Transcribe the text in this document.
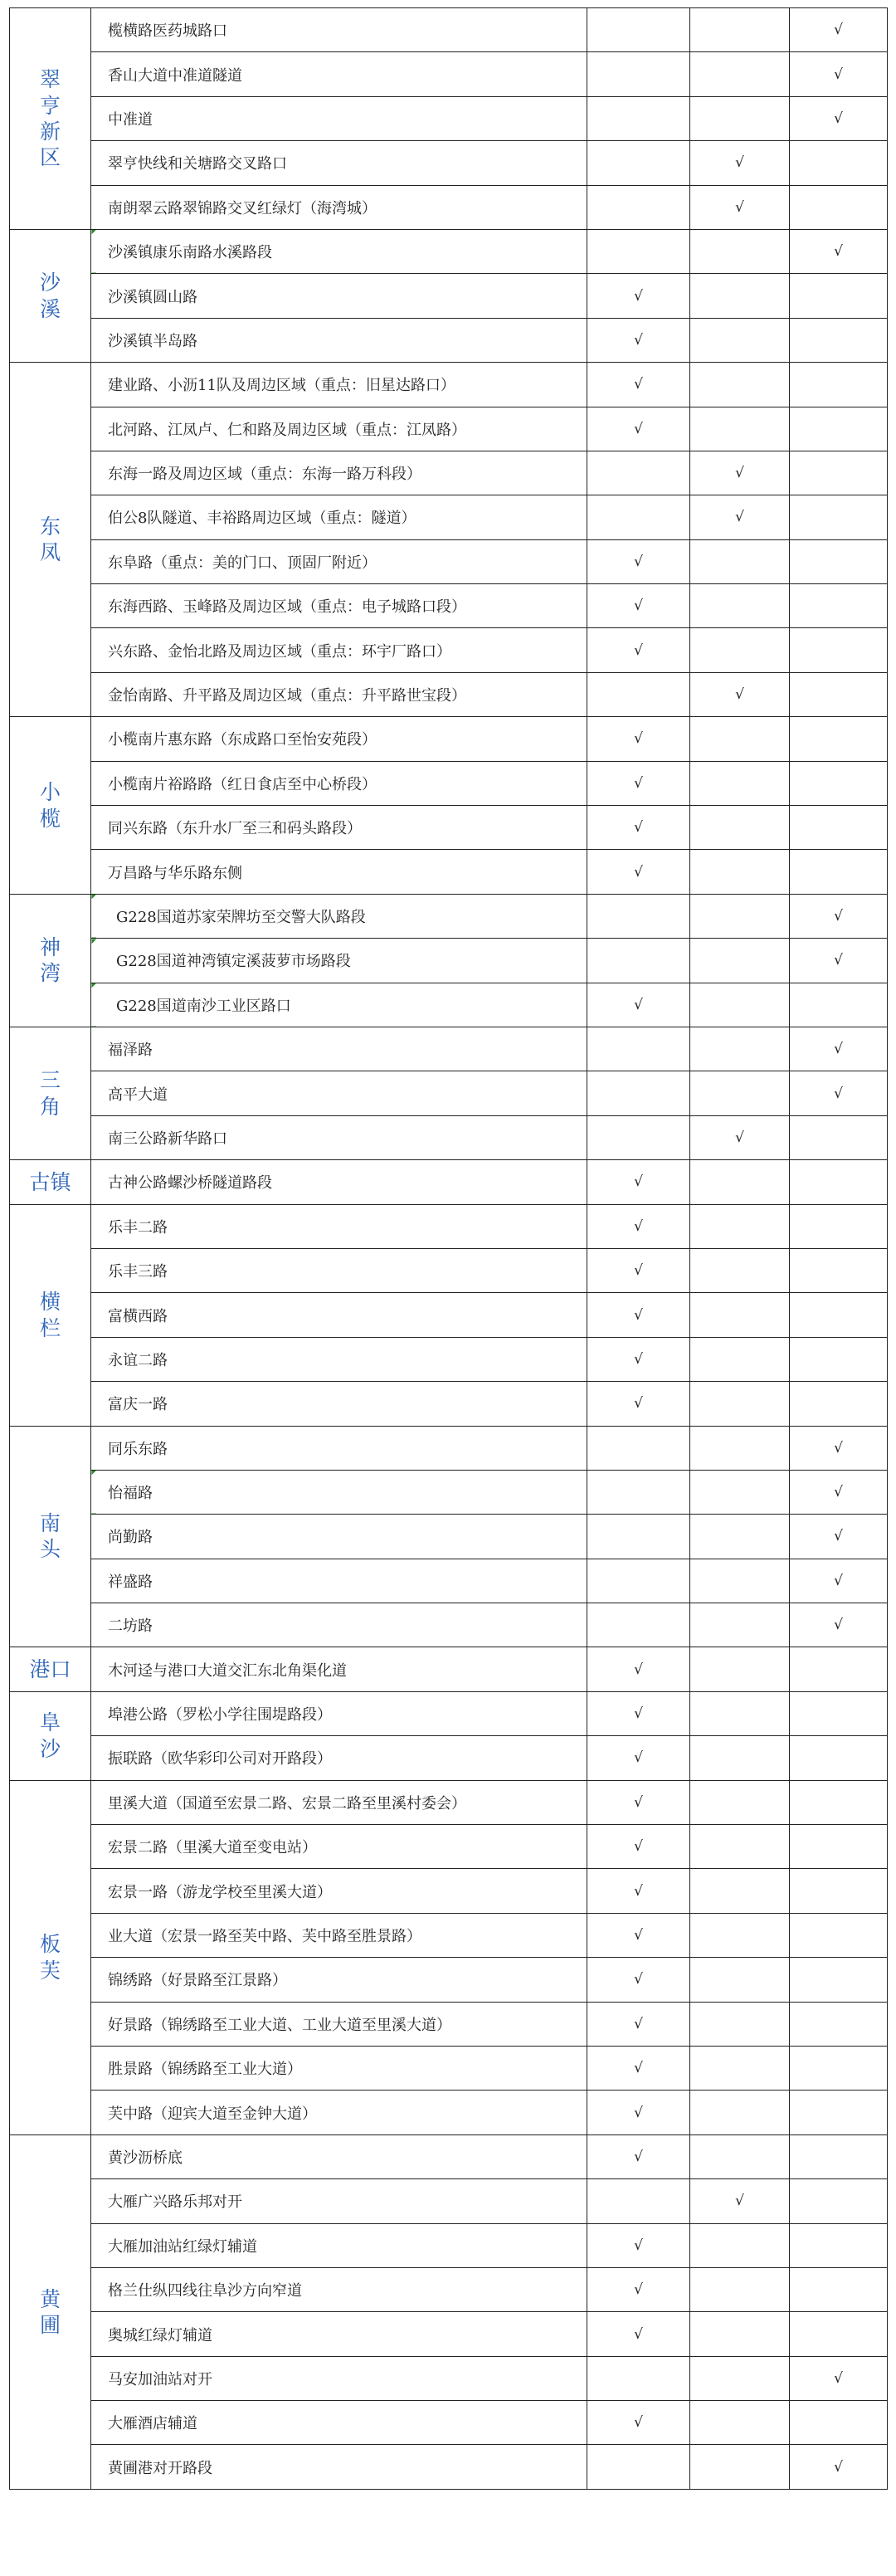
翠亨新区	榄横路医药城路口			√
	香山大道中准道隧道			√
	中准道			√
	翠亨快线和关塘路交叉路口		√	
	南朗翠云路翠锦路交叉红绿灯（海湾城）		√	
沙溪	沙溪镇康乐南路水溪路段			√
	沙溪镇圆山路	√		
	沙溪镇半岛路	√		
东凤	建业路、小沥11队及周边区域（重点：旧星达路口）	√		
	北河路、江凤卢、仁和路及周边区域（重点：江凤路）	√		
	东海一路及周边区域（重点：东海一路万科段）		√	
	伯公8队隧道、丰裕路周边区域（重点：隧道）		√	
	东阜路（重点：美的门口、顶固厂附近）	√		
	东海西路、玉峰路及周边区域（重点：电子城路口段）	√		
	兴东路、金怡北路及周边区域（重点：环宇厂路口）	√		
	金怡南路、升平路及周边区域（重点：升平路世宝段）		√	
小榄	小榄南片惠东路（东成路口至怡安苑段）	√		
	小榄南片裕路路（红日食店至中心桥段）	√		
	同兴东路（东升水厂至三和码头路段）	√		
	万昌路与华乐路东侧	√		
神湾	G228国道苏家荣牌坊至交警大队路段			√
	G228国道神湾镇定溪菠萝市场路段			√
	G228国道南沙工业区路口	√		
三角	福泽路			√
	高平大道			√
	南三公路新华路口		√	
古镇	古神公路螺沙桥隧道路段	√		
横栏	乐丰二路	√		
	乐丰三路	√		
	富横西路	√		
	永谊二路	√		
	富庆一路	√		
南头	同乐东路			√
	怡福路			√
	尚勤路			√
	祥盛路			√
	二坊路			√
港口	木河迳与港口大道交汇东北角渠化道	√		
阜沙	埠港公路（罗松小学往围堤路段）	√		
	振联路（欧华彩印公司对开路段）	√		
板芙	里溪大道（国道至宏景二路、宏景二路至里溪村委会）	√		
	宏景二路（里溪大道至变电站）	√		
	宏景一路（游龙学校至里溪大道）	√		
	业大道（宏景一路至芙中路、芙中路至胜景路）	√		
	锦绣路（好景路至江景路）	√		
	好景路（锦绣路至工业大道、工业大道至里溪大道）	√		
	胜景路（锦绣路至工业大道）	√		
	芙中路（迎宾大道至金钟大道）	√		
黄圃	黄沙沥桥底	√		
	大雁广兴路乐邦对开		√	
	大雁加油站红绿灯辅道	√		
	格兰仕纵四线往阜沙方向窄道	√		
	奥城红绿灯辅道	√		
	马安加油站对开			√
	大雁酒店辅道	√		
	黄圃港对开路段			√
